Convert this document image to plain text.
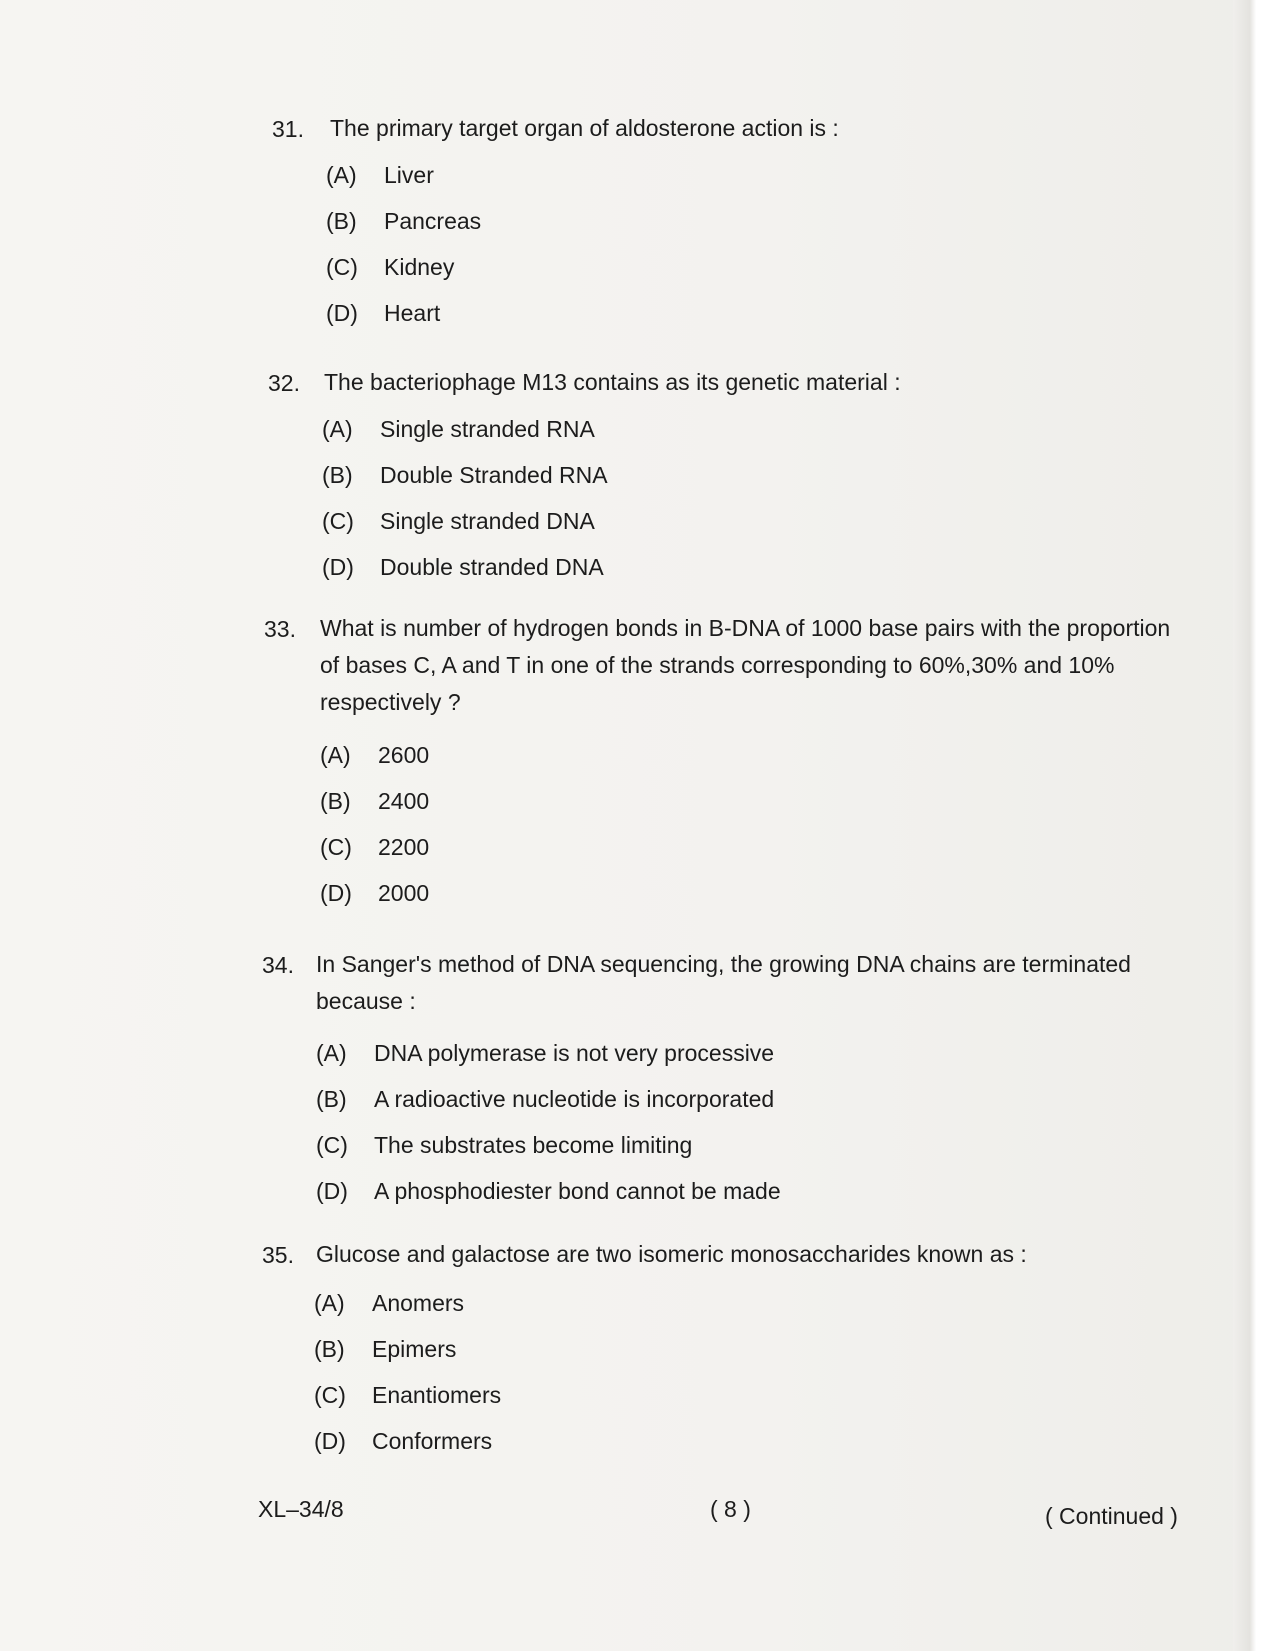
31. The primary target organ of aldosterone action is :
(A) Liver
(B) Pancreas
(C) Kidney
(D) Heart
32. The bacteriophage M13 contains as its genetic material :
(A) Single stranded RNA
(B) Double Stranded RNA
(C) Single stranded DNA
(D) Double stranded DNA
33. What is number of hydrogen bonds in B-DNA of 1000 base pairs with the proportion
of bases C, A and T in one of the strands corresponding to 60%,30% and 10%
respectively ?
(A) 2600
(B) 2400
(C) 2200
(D) 2000
34. In Sanger's method of DNA sequencing, the growing DNA chains are terminated
because :
(A) DNA polymerase is not very processive
(B) A radioactive nucleotide is incorporated
(C) The substrates become limiting
(D) A phosphodiester bond cannot be made
35. Glucose and galactose are two isomeric monosaccharides known as :
(A) Anomers
(B) Epimers
(C) Enantiomers
(D) Conformers
XL–34/8	( 8 )	( Continued )
